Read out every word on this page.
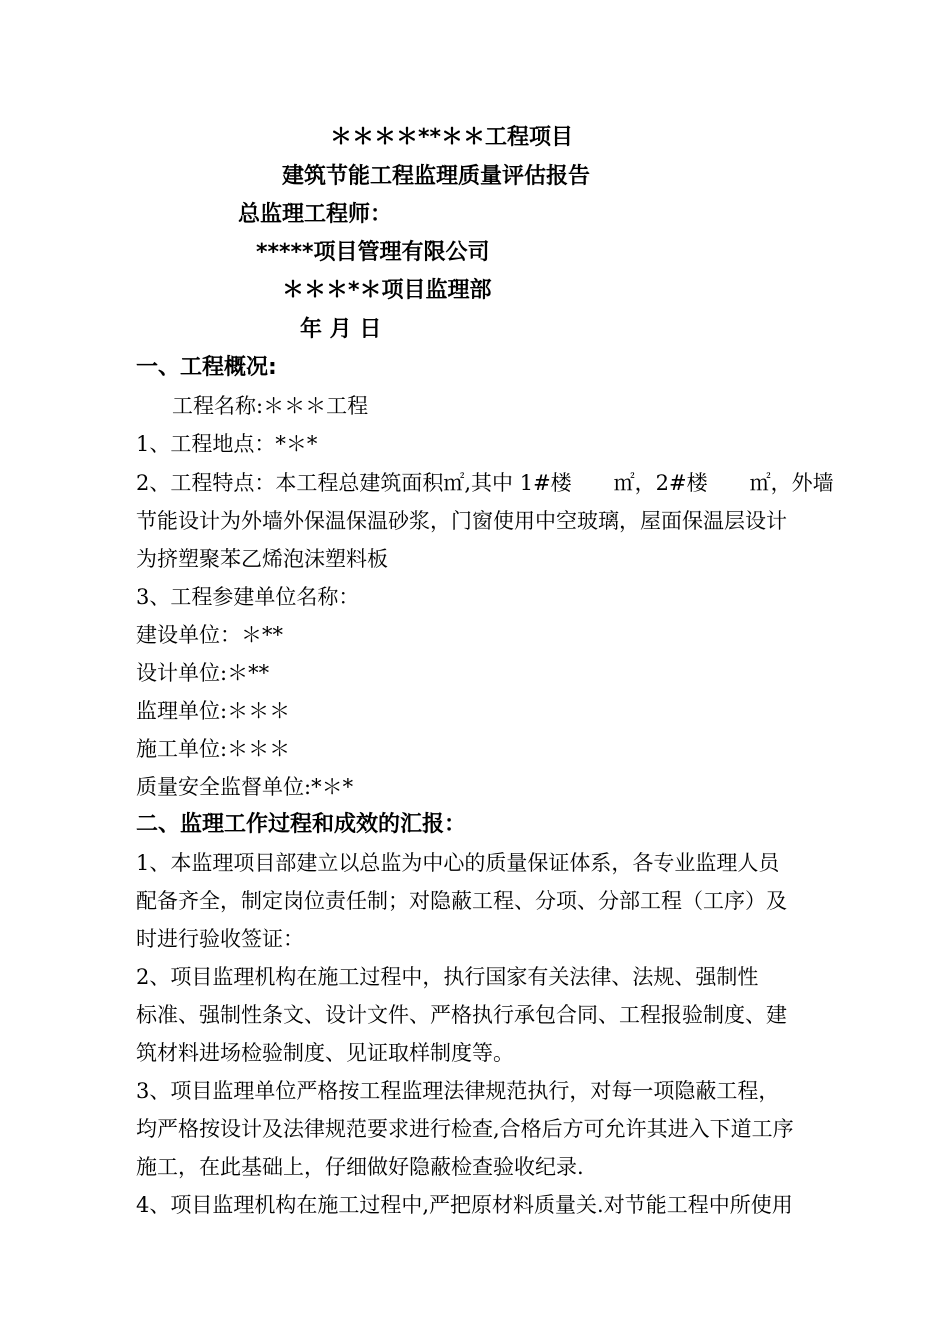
＊＊＊＊**＊＊工程项目
建筑节能工程监理质量评估报告
总监理工程师：
*****项目管理有限公司
＊＊＊*＊项目监理部
年 月 日
一、工程概况:
工程名称:＊＊＊工程
1、工程地点：*＊*
2、工程特点：本工程总建筑面积㎡,其中 1#楼　　㎡，2#楼　　㎡，外墙
节能设计为外墙外保温保温砂浆，门窗使用中空玻璃，屋面保温层设计
为挤塑聚苯乙烯泡沫塑料板
3、工程参建单位名称：
建设单位：＊**
设计单位:＊**
监理单位:＊＊＊
施工单位:＊＊＊
质量安全监督单位:*＊*
二、监理工作过程和成效的汇报：
1、本监理项目部建立以总监为中心的质量保证体系，各专业监理人员
配备齐全，制定岗位责任制；对隐蔽工程、分项、分部工程（工序）及
时进行验收签证：
2、项目监理机构在施工过程中，执行国家有关法律、法规、强制性
标准、强制性条文、设计文件、严格执行承包合同、工程报验制度、建
筑材料进场检验制度、见证取样制度等。
3、项目监理单位严格按工程监理法律规范执行，对每一项隐蔽工程，
均严格按设计及法律规范要求进行检查,合格后方可允许其进入下道工序
施工，在此基础上，仔细做好隐蔽检查验收纪录.
4、项目监理机构在施工过程中,严把原材料质量关.对节能工程中所使用
